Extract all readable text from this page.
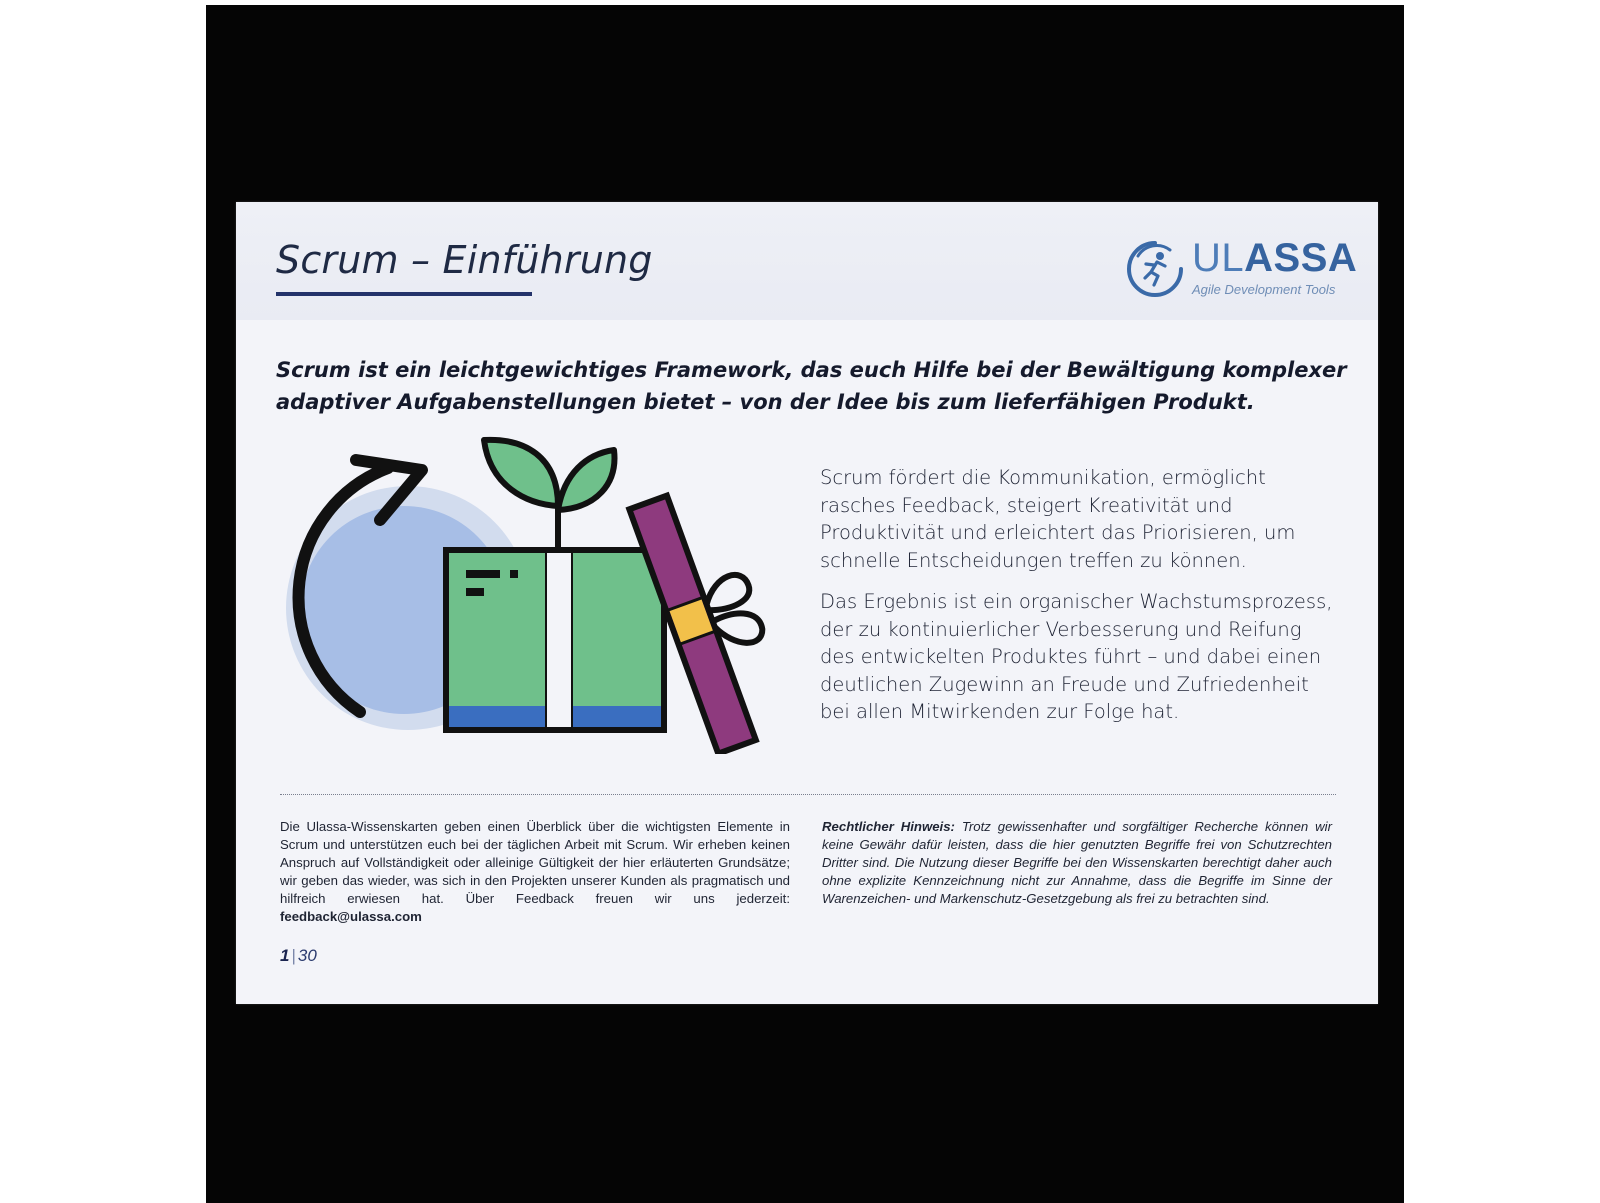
Scrum – Einführung	ULASSA
Agile Development Tools
Scrum ist ein leichtgewichtiges Framework, das euch Hilfe bei der Bewältigung komplexer adaptiver Aufgabenstellungen bietet – von der Idee bis zum lieferfähigen Produkt.

Scrum fördert die Kommunikation, ermöglicht rasches Feedback, steigert Kreativität und Produktivität und erleichtert das Priorisieren, um schnelle Entscheidungen treffen zu können.

Das Ergebnis ist ein organischer Wachstumsprozess, der zu kontinuierlicher Verbesserung und Reifung des entwickelten Produktes führt – und dabei einen deutlichen Zugewinn an Freude und Zufriedenheit bei allen Mitwirkenden zur Folge hat.

Die Ulassa-Wissenskarten geben einen Überblick über die wichtigsten Elemente in Scrum und unterstützen euch bei der täglichen Arbeit mit Scrum. Wir erheben keinen Anspruch auf Vollständigkeit oder alleinige Gültigkeit der hier erläuterten Grundsätze; wir geben das wieder, was sich in den Projekten unserer Kunden als pragmatisch und hilfreich erwiesen hat. Über Feedback freuen wir uns jederzeit: feedback@ulassa.com
Rechtlicher Hinweis: Trotz gewissenhafter und sorgfältiger Recherche können wir keine Gewähr dafür leisten, dass die hier genutzten Begriffe frei von Schutzrechten Dritter sind. Die Nutzung dieser Begriffe bei den Wissenskarten berechtigt daher auch ohne explizite Kennzeichnung nicht zur Annahme, dass die Begriffe im Sinne der Warenzeichen- und Markenschutz-Gesetzgebung als frei zu betrachten sind.
1 | 30
